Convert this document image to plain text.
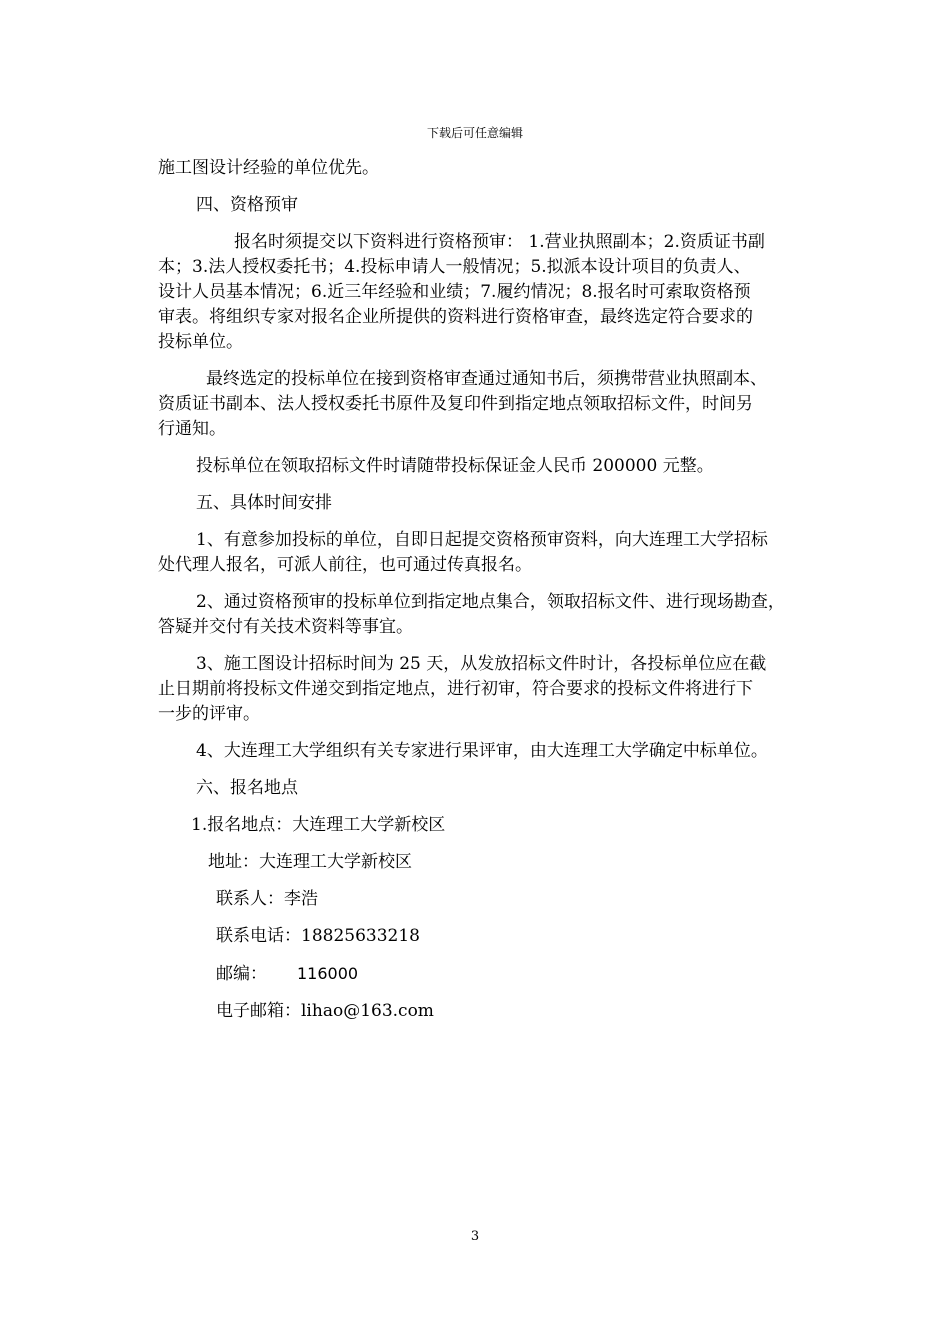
下载后可任意编辑

施工图设计经验的单位优先。

四、资格预审

报名时须提交以下资料进行资格预审： 1.营业执照副本；2.资质证书副

本；3.法人授权委托书；4.投标申请人一般情况；5.拟派本设计项目的负责人、

设计人员基本情况；6.近三年经验和业绩；7.履约情况；8.报名时可索取资格预

审表。将组织专家对报名企业所提供的资料进行资格审查，最终选定符合要求的

投标单位。

最终选定的投标单位在接到资格审查通过通知书后，须携带营业执照副本、

资质证书副本、法人授权委托书原件及复印件到指定地点领取招标文件，时间另

行通知。

投标单位在领取招标文件时请随带投标保证金人民币 200000 元整。

五、具体时间安排

1、有意参加投标的单位，自即日起提交资格预审资料，向大连理工大学招标

处代理人报名，可派人前往，也可通过传真报名。

2、通过资格预审的投标单位到指定地点集合，领取招标文件、进行现场勘查，

答疑并交付有关技术资料等事宜。

3、施工图设计招标时间为 25 天，从发放招标文件时计，各投标单位应在截

止日期前将投标文件递交到指定地点，进行初审，符合要求的投标文件将进行下

一步的评审。

4、大连理工大学组织有关专家进行果评审，由大连理工大学确定中标单位。

六、报名地点

1.报名地点：大连理工大学新校区

地址：大连理工大学新校区

联系人：李浩

联系电话：18825633218

邮编： 116000

电子邮箱：lihao@163.com

3
